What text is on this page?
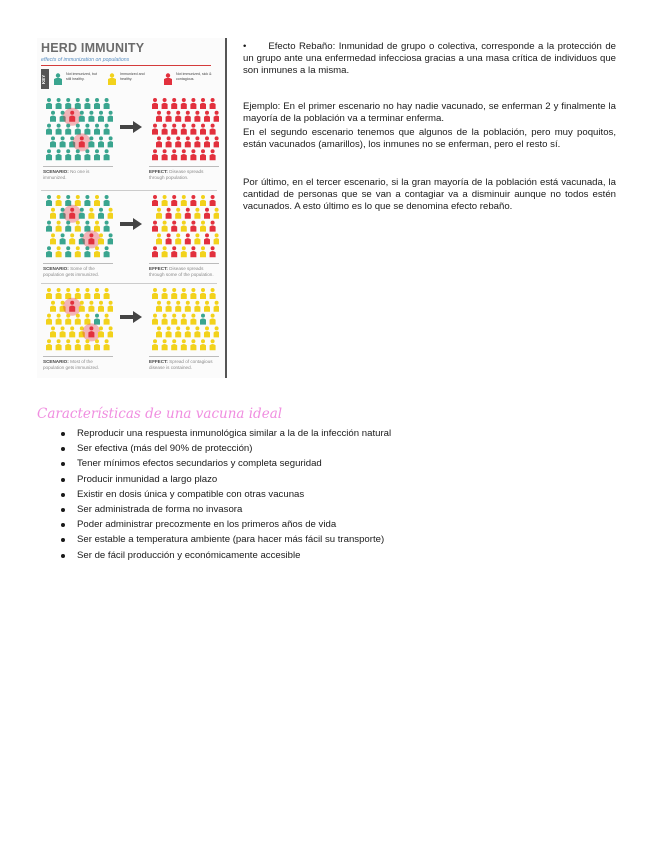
HERD IMMUNITY
effects of immunization on populations
KEY
Not immunized, but still healthy.
Immunized and healthy.
Not immunized, sick & contagious.
SCENARIO: No one is immunized.
EFFECT: Disease spreads through population.
SCENARIO: Some of the population gets immunized.
EFFECT: Disease spreads through some of the population.
SCENARIO: Most of the population gets immunized.
EFFECT: Spread of contagious disease is contained.
• Efecto Rebaño: Inmunidad de grupo o colectiva, corresponde a la protección de un grupo ante una enfermedad infecciosa gracias a una masa crítica de individuos que son inmunes a la misma.
Ejemplo: En el primer escenario no hay nadie vacunado, se enferman 2 y finalmente la mayoría de la población va a terminar enferma.
En el segundo escenario tenemos que algunos de la población, pero muy poquitos, están vacunados (amarillos), los inmunes no se enferman, pero el resto sí.
Por último, en el tercer escenario, si la gran mayoría de la población está vacunada, la cantidad de personas que se van a contagiar va a disminuir aunque no todos estén vacunados. A esto último es lo que se denomina efecto rebaño.
Características de una vacuna ideal
Reproducir una respuesta inmunológica similar a la de la infección natural
Ser efectiva (más del 90% de protección)
Tener mínimos efectos secundarios y completa seguridad
Producir inmunidad a largo plazo
Existir en dosis única y compatible con otras vacunas
Ser administrada de forma no invasora
Poder administrar precozmente en los primeros años de vida
Ser estable a temperatura ambiente (para hacer más fácil su transporte)
Ser de fácil producción y económicamente accesible
